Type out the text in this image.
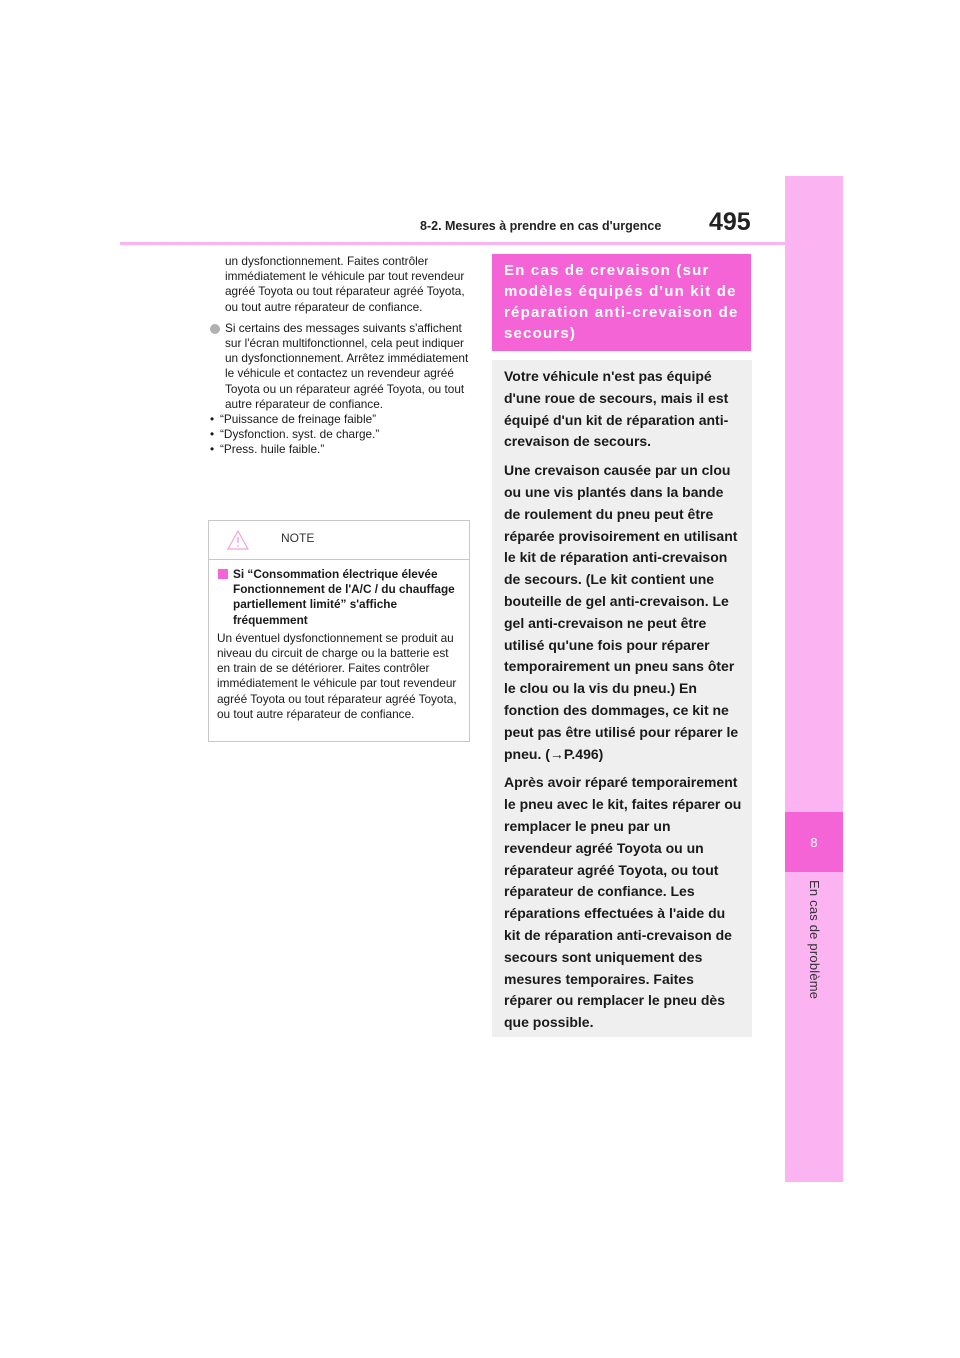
8
En cas de problème
8-2. Mesures à prendre en cas d'urgence 495

un dysfonctionnement. Faites contrôler immédiatement le véhicule par tout revendeur agréé Toyota ou tout réparateur agréé Toyota, ou tout autre réparateur de confiance.

Si certains des messages suivants s'affichent sur l'écran multifonctionnel, cela peut indiquer un dysfonctionnement. Arrêtez immédiatement le véhicule et contactez un revendeur agréé Toyota ou un réparateur agréé Toyota, ou tout autre réparateur de confiance.

• “Puissance de freinage faible”
• “Dysfonction. syst. de charge.”
• “Press. huile faible.”
NOTE

Si “Consommation électrique élevée Fonctionnement de l'A/C / du chauffage partiellement limité” s'affiche fréquemment

Un éventuel dysfonctionnement se produit au niveau du circuit de charge ou la batterie est en train de se détériorer. Faites contrôler immédiatement le véhicule par tout revendeur agréé Toyota ou tout réparateur agréé Toyota, ou tout autre réparateur de confiance.

En cas de crevaison (sur modèles équipés d'un kit de réparation anti-crevaison de secours)

Votre véhicule n'est pas équipé d'une roue de secours, mais il est équipé d'un kit de réparation anti-crevaison de secours.

Une crevaison causée par un clou ou une vis plantés dans la bande de roulement du pneu peut être réparée provisoirement en utilisant le kit de réparation anti-crevaison de secours. (Le kit contient une bouteille de gel anti-crevaison. Le gel anti-crevaison ne peut être utilisé qu'une fois pour réparer temporairement un pneu sans ôter le clou ou la vis du pneu.) En fonction des dommages, ce kit ne peut pas être utilisé pour réparer le pneu. (→P.496)

Après avoir réparé temporairement le pneu avec le kit, faites réparer ou remplacer le pneu par un revendeur agréé Toyota ou un réparateur agréé Toyota, ou tout réparateur de confiance. Les réparations effectuées à l'aide du kit de réparation anti-crevaison de secours sont uniquement des mesures temporaires. Faites réparer ou remplacer le pneu dès que possible.
